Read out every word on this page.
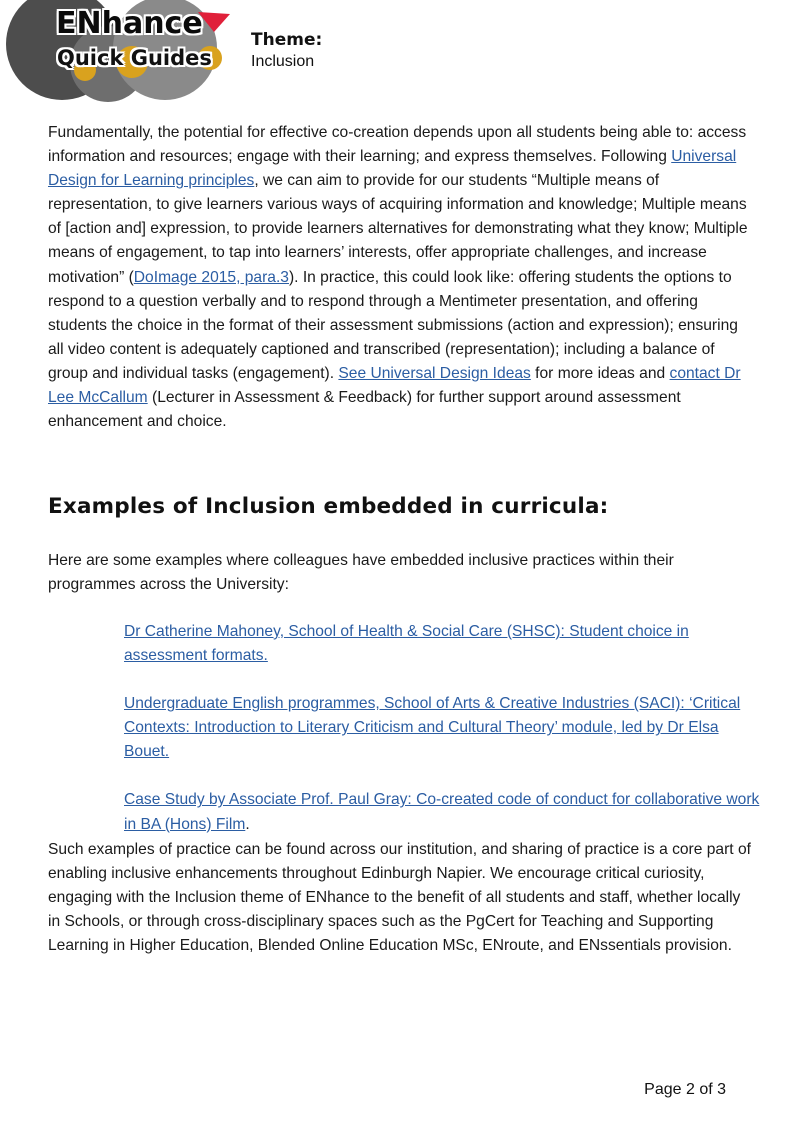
ENhance
Quick Guides
Theme:
Inclusion

Fundamentally, the potential for effective co-creation depends upon all students being able to: access information and resources; engage with their learning; and express themselves. Following Universal Design for Learning principles, we can aim to provide for our students “Multiple means of representation, to give learners various ways of acquiring information and knowledge; Multiple means of [action and] expression, to provide learners alternatives for demonstrating what they know; Multiple means of engagement, to tap into learners’ interests, offer appropriate challenges, and increase motivation” (DoImage 2015, para.3). In practice, this could look like: offering students the options to respond to a question verbally and to respond through a Mentimeter presentation, and offering students the choice in the format of their assessment submissions (action and expression); ensuring all video content is adequately captioned and transcribed (representation); including a balance of group and individual tasks (engagement). See Universal Design Ideas for more ideas and contact Dr Lee McCallum (Lecturer in Assessment & Feedback) for further support around assessment enhancement and choice.

Examples of Inclusion embedded in curricula:

Here are some examples where colleagues have embedded inclusive practices within their programmes across the University:

Dr Catherine Mahoney, School of Health & Social Care (SHSC): Student choice in assessment formats.
Undergraduate English programmes, School of Arts & Creative Industries (SACI): ‘Critical Contexts: Introduction to Literary Criticism and Cultural Theory’ module, led by Dr Elsa Bouet.
Case Study by Associate Prof. Paul Gray: Co-created code of conduct for collaborative work in BA (Hons) Film.

Such examples of practice can be found across our institution, and sharing of practice is a core part of enabling inclusive enhancements throughout Edinburgh Napier. We encourage critical curiosity, engaging with the Inclusion theme of ENhance to the benefit of all students and staff, whether locally in Schools, or through cross-disciplinary spaces such as the PgCert for Teaching and Supporting Learning in Higher Education, Blended Online Education MSc, ENroute, and ENssentials provision.

Page 2 of 3
